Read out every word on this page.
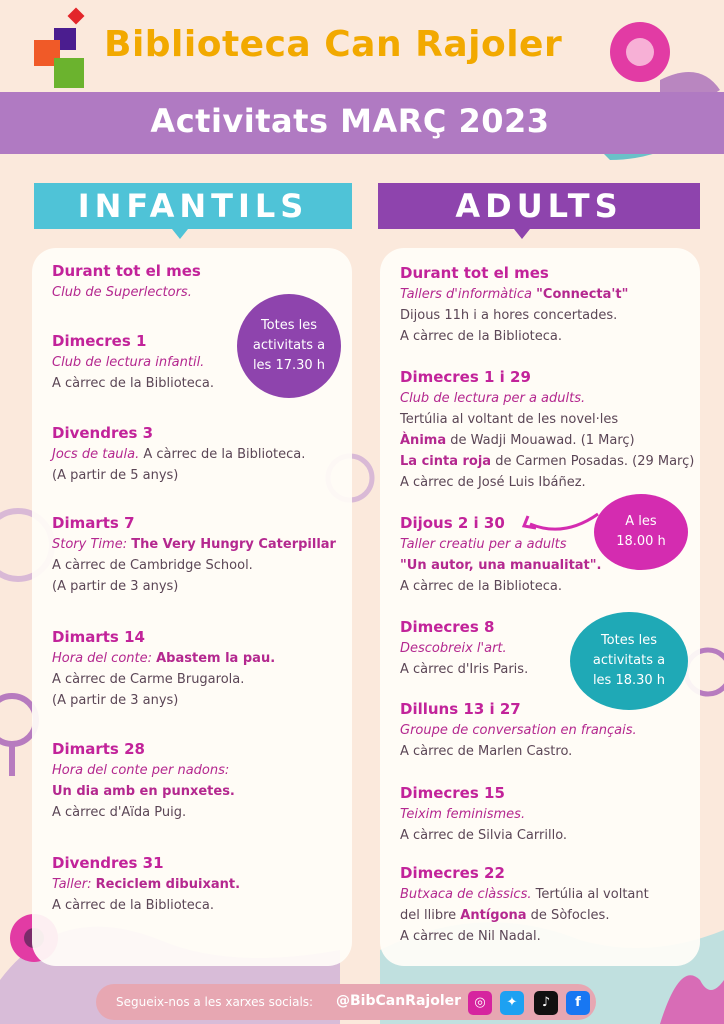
Biblioteca Can Rajoler
Activitats MARÇ 2023
INFANTILS	ADULTS
Durant tot el mes
Club de Superlectors.
Dimecres 1
Club de lectura infantil.
A càrrec de la Biblioteca.
Divendres 3
Jocs de taula. A càrrec de la Biblioteca.
(A partir de 5 anys)
Dimarts 7
Story Time: The Very Hungry Caterpillar
A càrrec de Cambridge School.
(A partir de 3 anys)
Dimarts 14
Hora del conte: Abastem la pau.
A càrrec de Carme Brugarola.
(A partir de 3 anys)
Dimarts 28
Hora del conte per nadons:
Un dia amb en punxetes.
A càrrec d'Aïda Puig.
Divendres 31
Taller: Reciclem dibuixant.
A càrrec de la Biblioteca.
Durant tot el mes
Tallers d'informàtica "Connecta't"
Dijous 11h i a hores concertades.
A càrrec de la Biblioteca.
Dimecres 1 i 29
Club de lectura per a adults.
Tertúlia al voltant de les novel·les
Ànima de Wadji Mouawad. (1 Març)
La cinta roja de Carmen Posadas. (29 Març)
A càrrec de José Luis Ibáñez.
Dijous 2 i 30
Taller creatiu per a adults
"Un autor, una manualitat".
A càrrec de la Biblioteca.
Dimecres 8
Descobreix l'art.
A càrrec d'Iris Paris.
Dilluns 13 i 27
Groupe de conversation en français.
A càrrec de Marlen Castro.
Dimecres 15
Teixim feminismes.
A càrrec de Silvia Carrillo.
Dimecres 22
Butxaca de clàssics. Tertúlia al voltant
del llibre Antígona de Sòfocles.
A càrrec de Nil Nadal.
Totes les
activitats a
les 17.30 h
A les
18.00 h
Totes les
activitats a
les 18.30 h
Segueix-nos a les xarxes socials: @BibCanRajoler	◎	✦	♪	f
